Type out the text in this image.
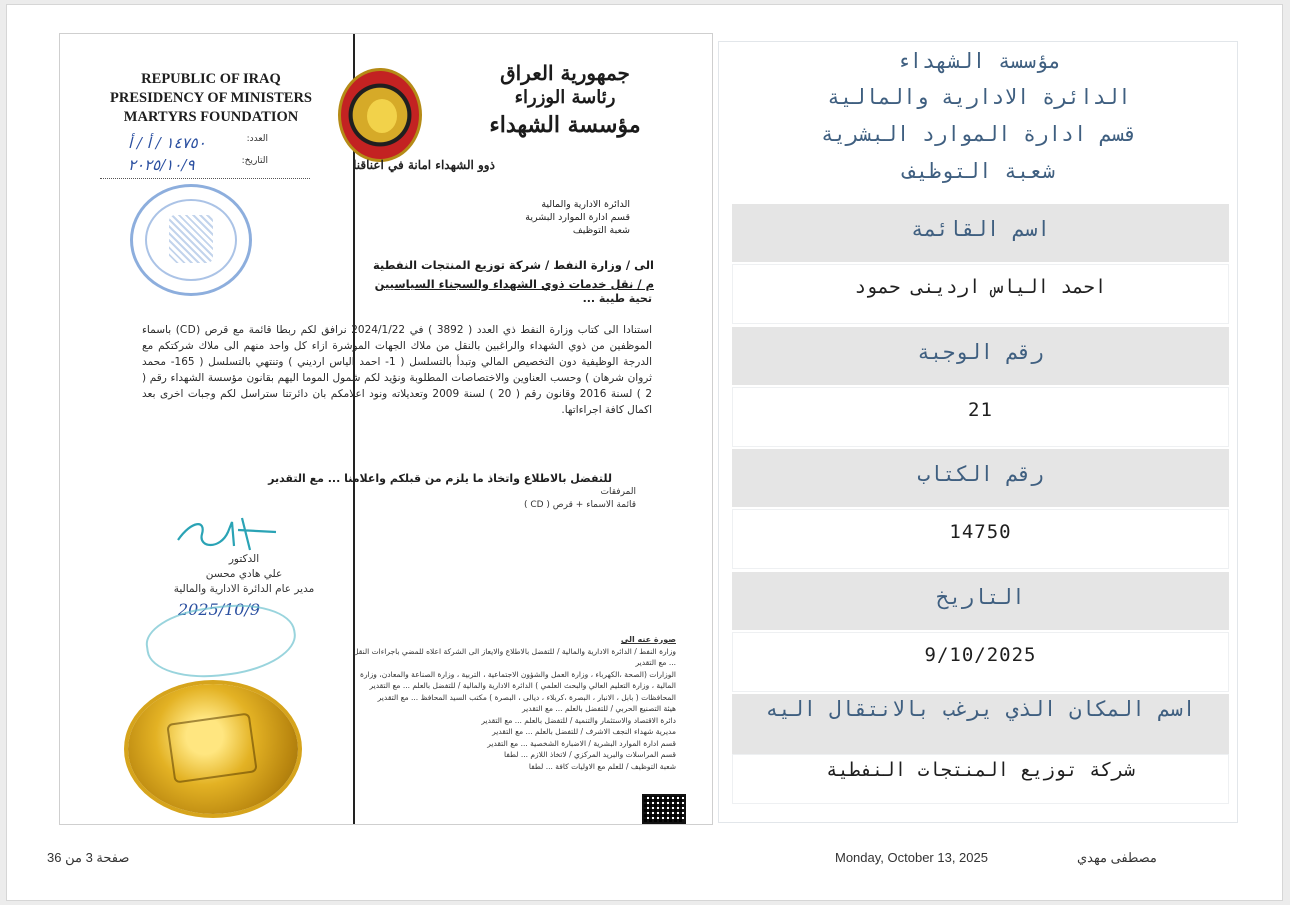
REPUBLIC OF IRAQ
PRESIDENCY OF MINISTERS
MARTYRS FOUNDATION
العدد:
١٤٧٥٠ / أ / أ
التاريخ:
٢٠٢٥/١٠/٩
جمهورية العراق
رئاسة الوزراء
مؤسسة الشهداء
ذوو الشهداء امانة في اعناقنا
الدائرة الادارية والمالية
قسم ادارة الموارد البشرية
شعبة التوظيف
الى / وزارة النفط / شركة توزيع المنتجات النفطية
م / نقل خدمات ذوي الشهداء والسجناء السياسيين
تحية طيبة ...
استنادا الى كتاب وزارة النفط ذي العدد ( 3892 ) في 2024/1/22 نرافق لكم ربطا قائمة مع قرص (CD) باسماء الموظفين من ذوي الشهداء والراغبين بالنقل من ملاك الجهات الموشرة ازاء كل واحد منهم الى ملاك شركتكم مع الدرجة الوظيفية دون التخصيص المالي وتبدأ بالتسلسل ( 1- احمد الياس ارديني ) وتنتهي بالتسلسل ( 165- محمد ثروان شرهان ) وحسب العناوين والاختصاصات المطلوبة ونؤيد لكم شمول الموما اليهم بقانون مؤسسة الشهداء رقم ( 2 ) لسنة 2016 وقانون رقم ( 20 ) لسنة 2009 وتعديلاته ونود اعلامكم بان دائرتنا ستراسل لكم وجبات اخرى بعد اكمال كافة اجراءاتها.
للتفضل بالاطلاع واتخاذ ما يلزم من قبلكم واعلامنا ... مع التقدير
المرفقات
قائمة الاسماء + قرص ( CD )
الدكتور
علي هادي محسن
مدير عام الدائرة الادارية والمالية
2025/10/9
صورة عنه الى
وزارة النفط / الدائرة الادارية والمالية / للتفضل بالاطلاع والايعاز الى الشركة اعلاه للمضي باجراءات النقل ... مع التقدير
الوزارات (الصحة ،الكهرباء ، وزارة العمل والشؤون الاجتماعية ، التربية ، وزارة الصناعة والمعادن، وزارة المالية ، وزارة التعليم العالي والبحث العلمي ) الدائرة الادارية والمالية / للتفضل بالعلم ... مع التقدير
المحافظات ( بابل ، الانبار ، البصرة ،كربلاء ، ديالى ، البصرة ) مكتب السيد المحافظ ... مع التقدير
هيئة التصنيع الحربي / للتفضل بالعلم ... مع التقدير
دائرة الاقتصاد والاستثمار والتنمية / للتفضل بالعلم ... مع التقدير
مديرية شهداء النجف الاشرف / للتفضل بالعلم ... مع التقدير
قسم ادارة الموارد البشرية / الاضبارة الشخصية ... مع التقدير
قسم المراسلات والبريد المركزي / لاتخاذ اللازم ... لطفا
شعبة التوظيف / للعلم مع الاوليات كافة ... لطفا
مؤسسة الشهداء
الدائرة الادارية والمالية
قسم ادارة الموارد البشرية
شعبة التوظيف
اسم القائمة
احمد الياس اردينى حمود
رقم الوجبة
21
رقم الكتاب
14750
التاريخ
9/10/2025
اسم المكان الذي يرغب بالانتقال اليه
شركة توزيع المنتجات النفطية
صفحة 3 من 36	Monday, October 13, 2025	مصطفى مهدي
